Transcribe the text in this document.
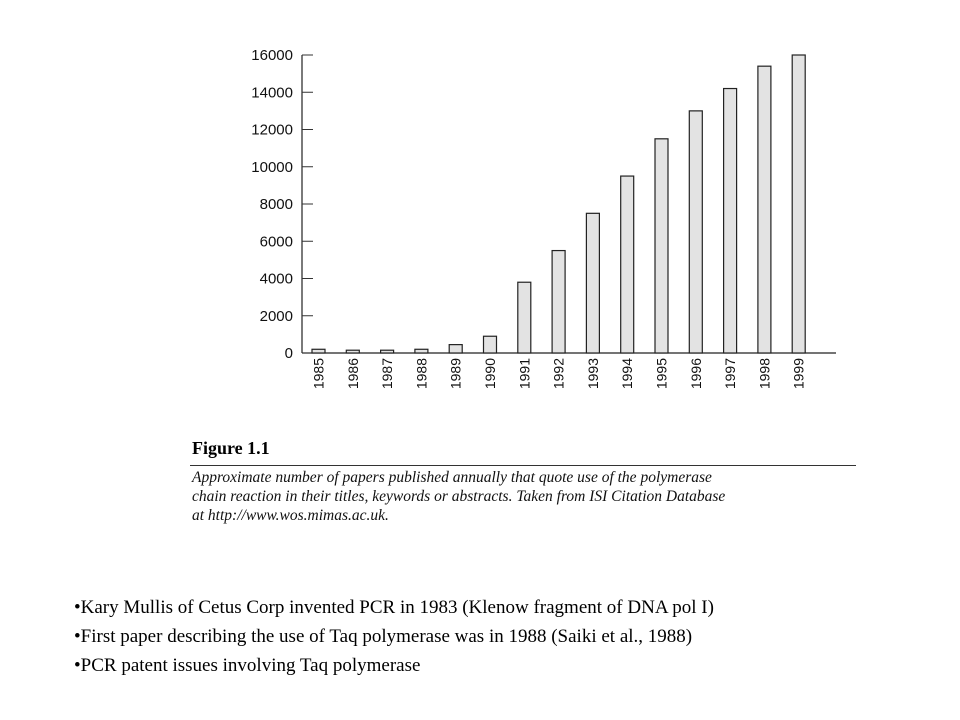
0
2000
4000
6000
8000
10000
12000
14000
16000
1985 1986 1987 1988 1989 1990 1991 1992 1993 1994 1995 1996 1997 1998 1999
Figure 1.1
Approximate number of papers published annually that quote use of the polymerase
chain reaction in their titles, keywords or abstracts. Taken from ISI Citation Database
at http://www.wos.mimas.ac.uk.
• Kary Mullis of Cetus Corp invented PCR in 1983 (Klenow fragment of DNA pol I)
• First paper describing the use of Taq polymerase was in 1988 (Saiki et al., 1988)
• PCR patent issues involving Taq polymerase
